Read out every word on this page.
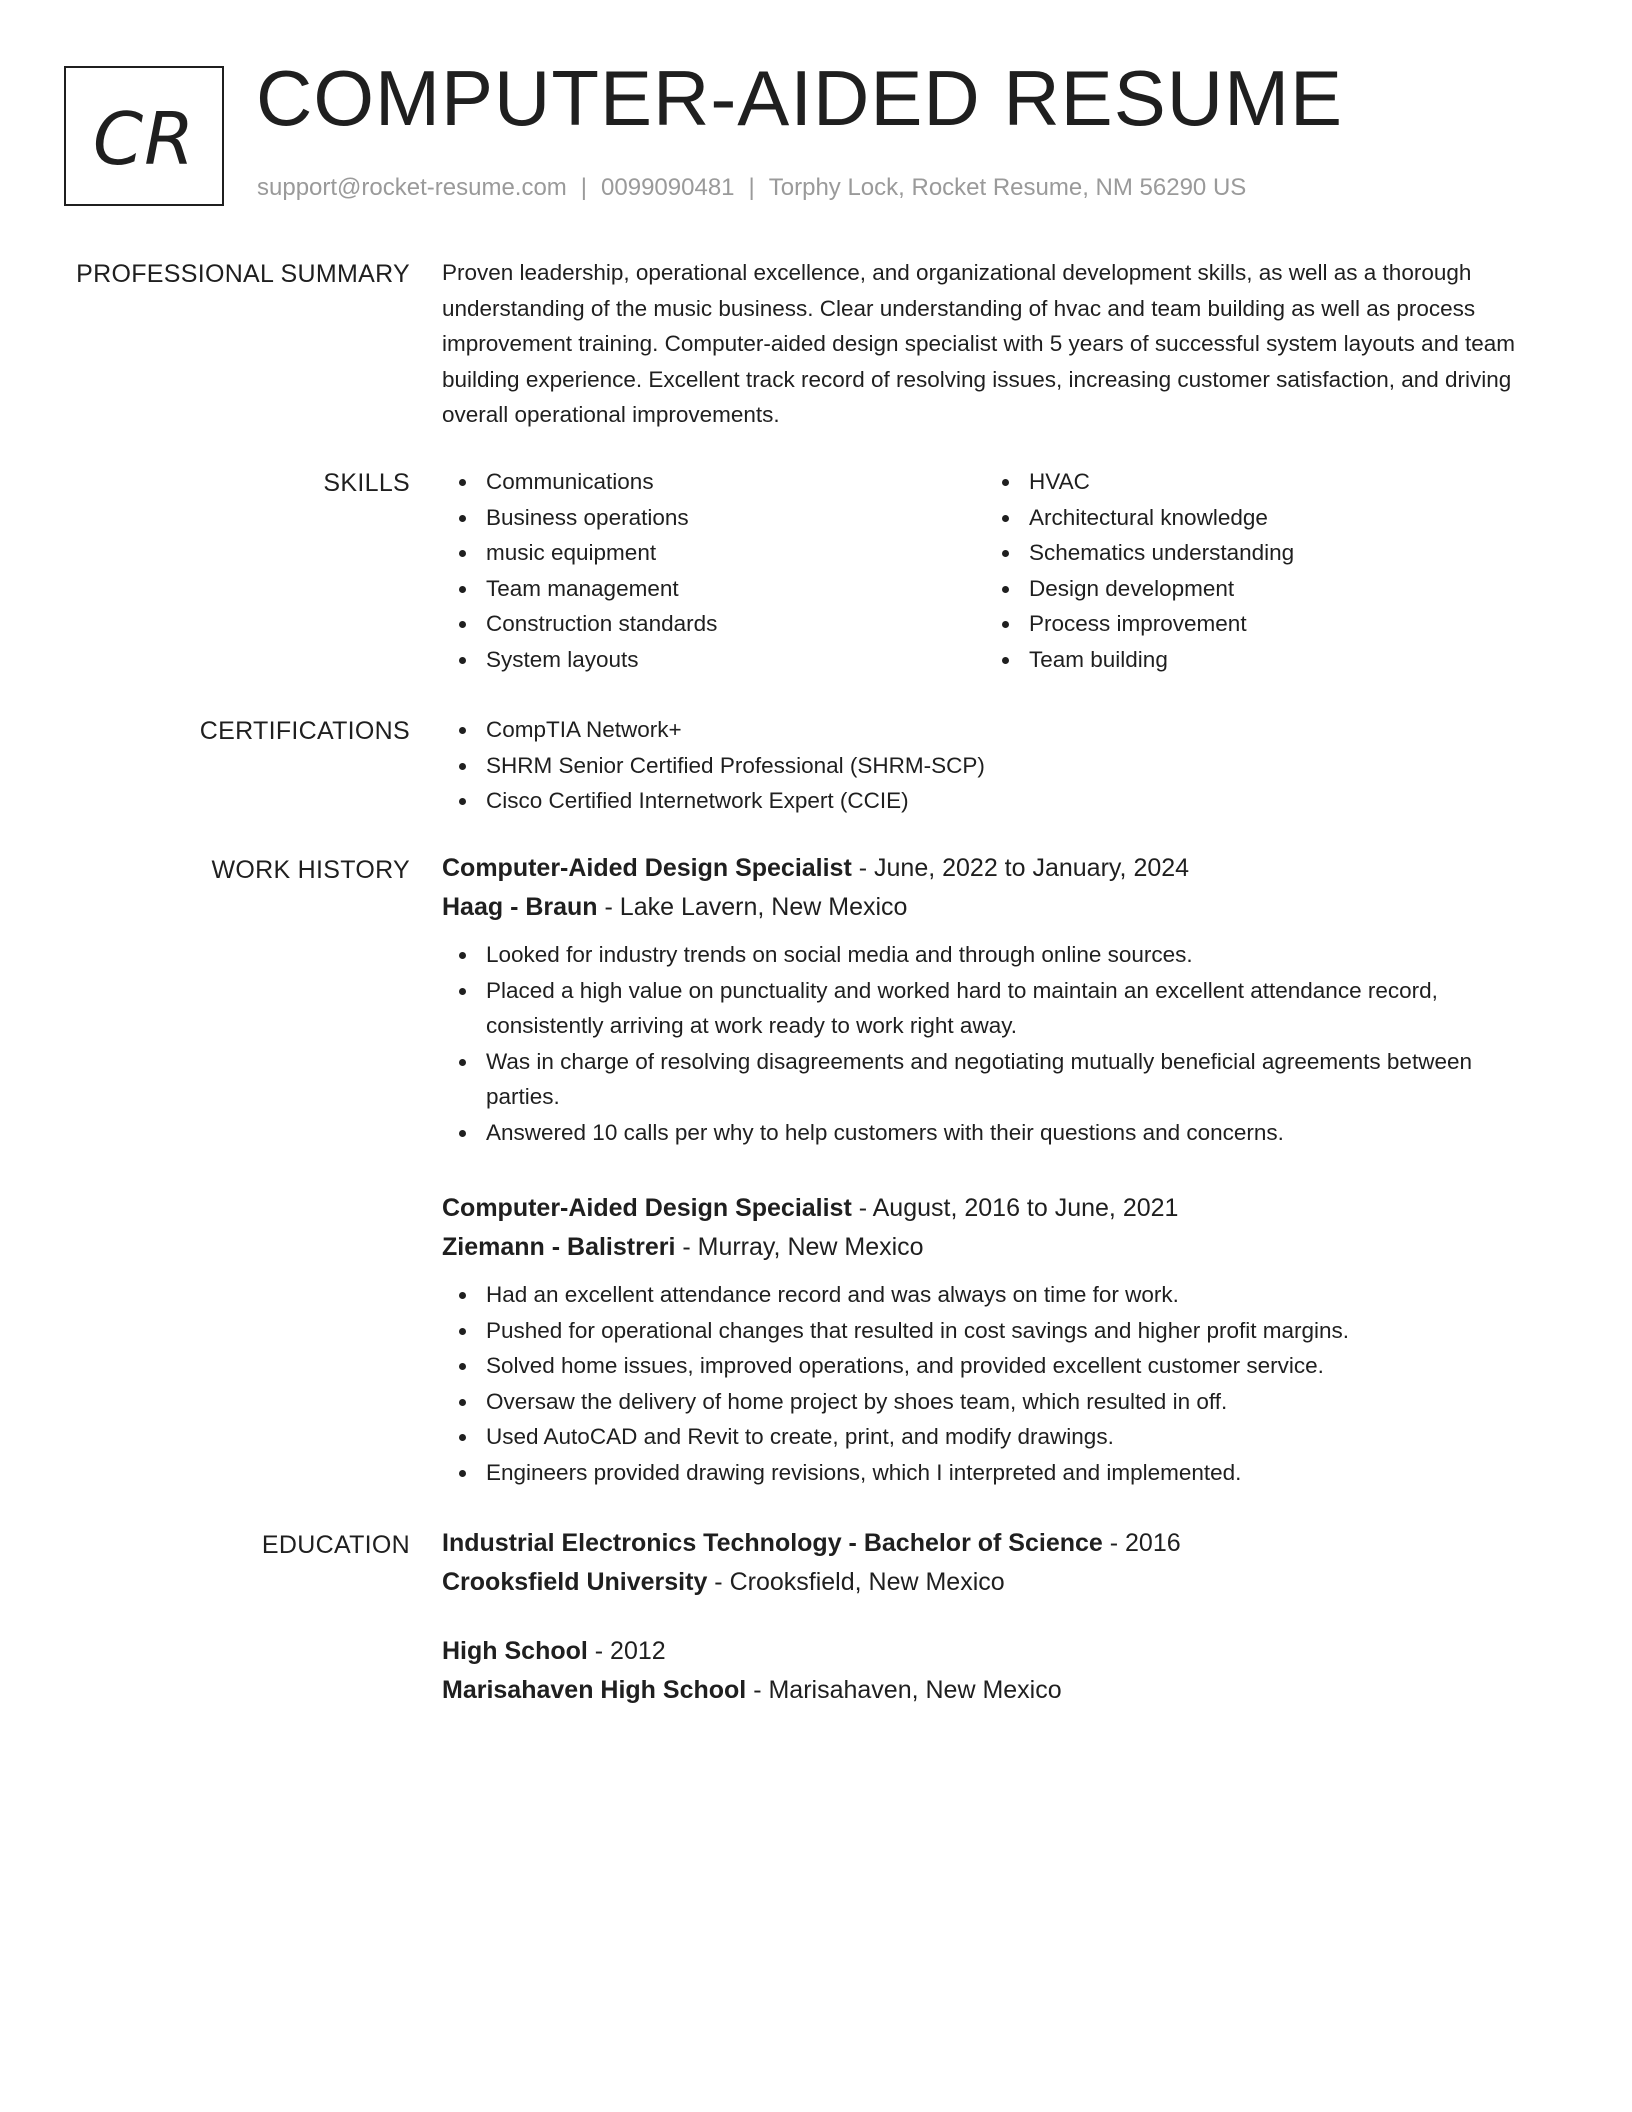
CR COMPUTER-AIDED RESUME
support@rocket-resume.com | 0099090481 | Torphy Lock, Rocket Resume, NM 56290 US
PROFESSIONAL SUMMARY Proven leadership, operational excellence, and organizational development skills, as well as a thorough understanding of the music business. Clear understanding of hvac and team building as well as process improvement training. Computer-aided design specialist with 5 years of successful system layouts and team building experience. Excellent track record of resolving issues, increasing customer satisfaction, and driving overall operational improvements.

SKILLS	Communications
Business operations
music equipment
Team management
Construction standards
System layouts
HVAC
Architectural knowledge
Schematics understanding
Design development
Process improvement
Team building
CERTIFICATIONS	CompTIA Network+
SHRM Senior Certified Professional (SHRM-SCP)
Cisco Certified Internetwork Expert (CCIE)
WORK HISTORY Computer-Aided Design Specialist - June, 2022 to January, 2024
Haag - Braun - Lake Lavern, New Mexico
Looked for industry trends on social media and through online sources.
Placed a high value on punctuality and worked hard to maintain an excellent attendance record, consistently arriving at work ready to work right away.
Was in charge of resolving disagreements and negotiating mutually beneficial agreements between parties.
Answered 10 calls per why to help customers with their questions and concerns.
Computer-Aided Design Specialist - August, 2016 to June, 2021
Ziemann - Balistreri - Murray, New Mexico
Had an excellent attendance record and was always on time for work.
Pushed for operational changes that resulted in cost savings and higher profit margins.
Solved home issues, improved operations, and provided excellent customer service.
Oversaw the delivery of home project by shoes team, which resulted in off.
Used AutoCAD and Revit to create, print, and modify drawings.
Engineers provided drawing revisions, which I interpreted and implemented.
EDUCATION Industrial Electronics Technology - Bachelor of Science - 2016
Crooksfield University - Crooksfield, New Mexico
High School - 2012
Marisahaven High School - Marisahaven, New Mexico
